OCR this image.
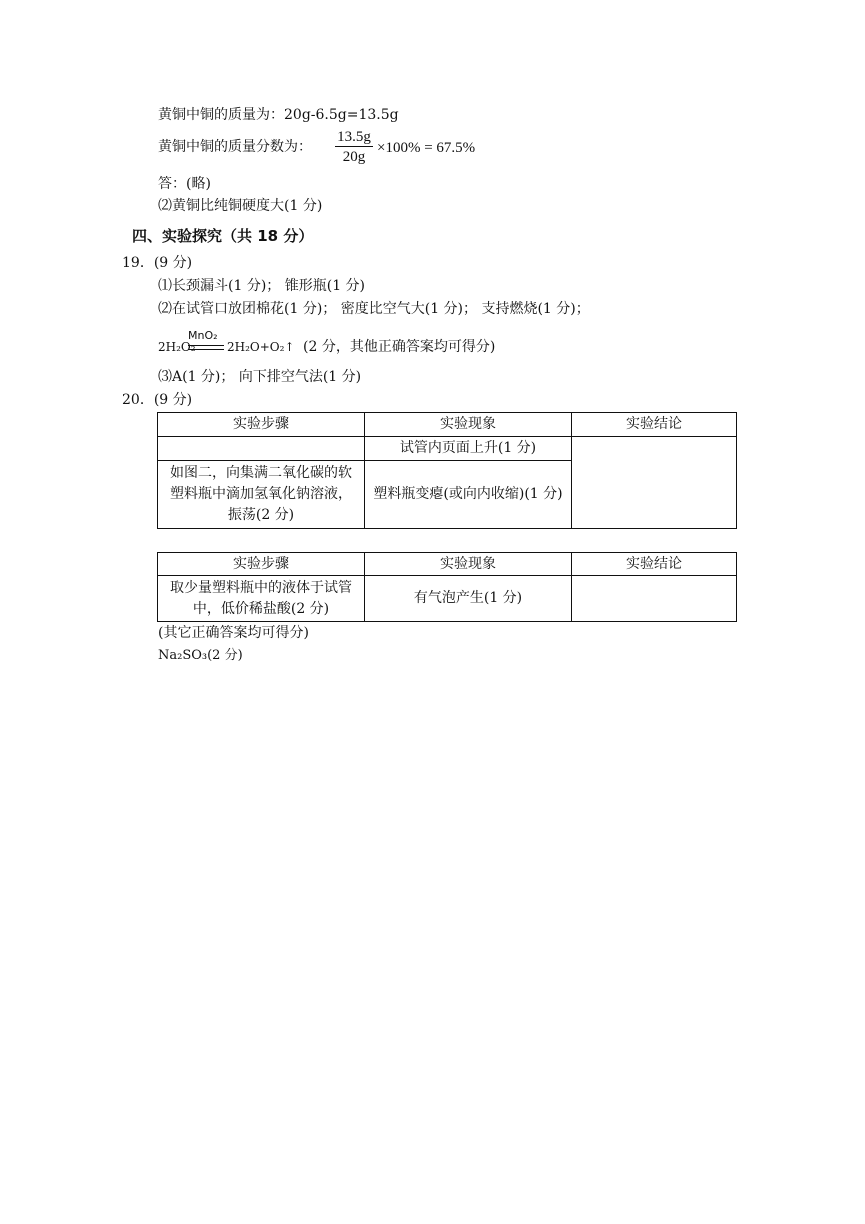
黄铜中铜的质量为：20g-6.5g=13.5g
黄铜中铜的质量分数为： $\frac{13.5g}{20g} \times 100\% = 67.5\%$
答：(略)
⑵黄铜比纯铜硬度大(1 分)
四、实验探究（共 18 分）
19．(9 分)
⑴长颈漏斗(1 分)； 锥形瓶(1 分)
⑵在试管口放团棉花(1 分)； 密度比空气大(1 分)； 支持燃烧(1 分)；
2H₂O₂
MnO₂
2H₂O+O₂↑ (2 分，其他正确答案均可得分)
⑶A(1 分)； 向下排空气法(1 分)
20．(9 分)
实验步骤	实验现象	实验结论
	试管内页面上升(1 分)	
如图二，向集满二氧化碳的软塑料瓶中滴加氢氧化钠溶液，振荡(2 分)	塑料瓶变瘪(或向内收缩)(1 分)	
实验步骤	实验现象	实验结论
取少量塑料瓶中的液体于试管中，低价稀盐酸(2 分)	有气泡产生(1 分)	
(其它正确答案均可得分)
Na₂SO₃(2 分)
